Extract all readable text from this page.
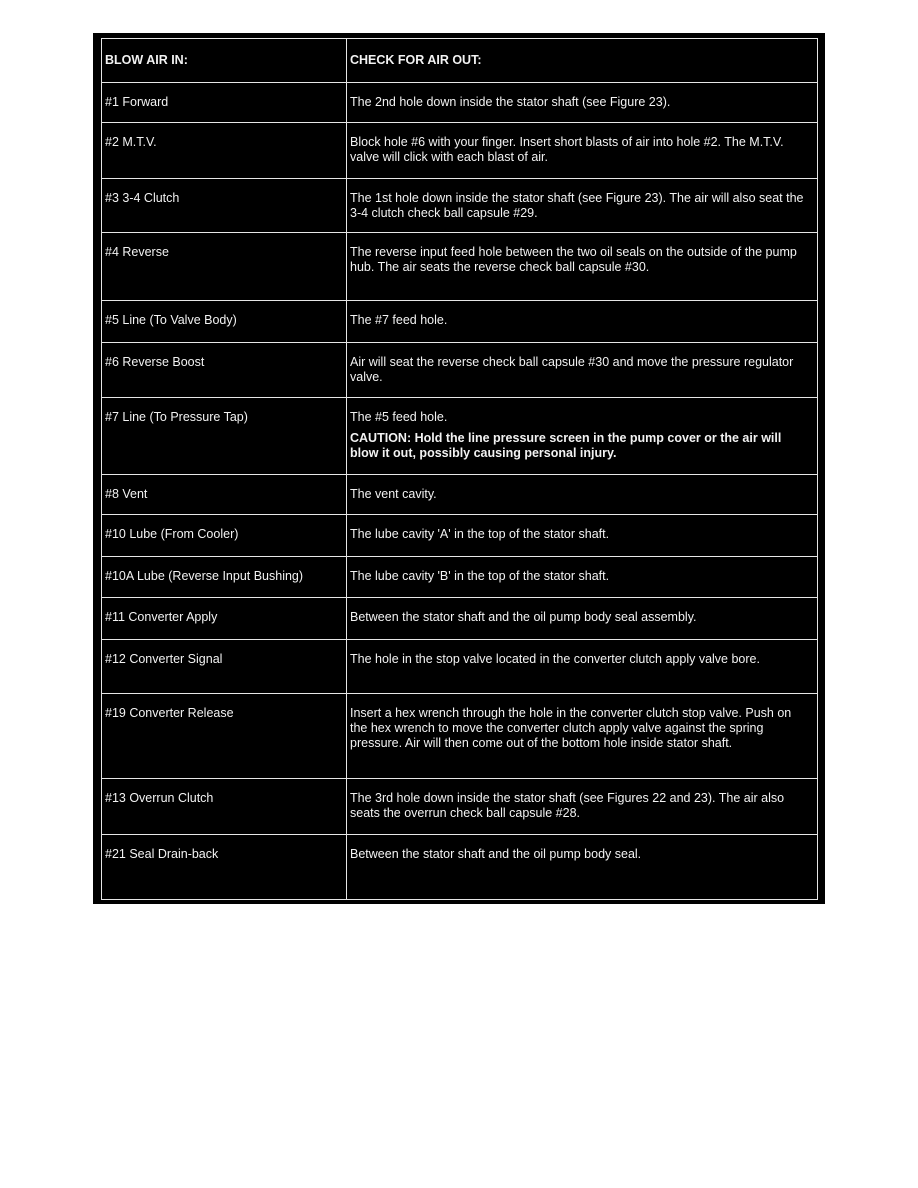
BLOW AIR IN:	CHECK FOR AIR OUT:
#1 Forward	The 2nd hole down inside the stator shaft (see Figure 23).
#2 M.T.V.	Block hole #6 with your finger. Insert short blasts of air into hole #2. The M.T.V. valve will click with each blast of air.
#3 3-4 Clutch	The 1st hole down inside the stator shaft (see Figure 23). The air will also seat the 3-4 clutch check ball capsule #29.
#4 Reverse	The reverse input feed hole between the two oil seals on the outside of the pump hub. The air seats the reverse check ball capsule #30.
#5 Line (To Valve Body)	The #7 feed hole.
#6 Reverse Boost	Air will seat the reverse check ball capsule #30 and move the pressure regulator valve.
#7 Line (To Pressure Tap)	The #5 feed hole.
CAUTION: Hold the line pressure screen in the pump cover or the air will blow it out, possibly causing personal injury.

#8 Vent	The vent cavity.
#10 Lube (From Cooler)	The lube cavity 'A' in the top of the stator shaft.
#10A Lube (Reverse Input Bushing)	The lube cavity 'B' in the top of the stator shaft.
#11 Converter Apply	Between the stator shaft and the oil pump body seal assembly.
#12 Converter Signal	The hole in the stop valve located in the converter clutch apply valve bore.
#19 Converter Release	Insert a hex wrench through the hole in the converter clutch stop valve. Push on the hex wrench to move the converter clutch apply valve against the spring pressure. Air will then come out of the bottom hole inside stator shaft.
#13 Overrun Clutch	The 3rd hole down inside the stator shaft (see Figures 22 and 23). The air also seats the overrun check ball capsule #28.
#21 Seal Drain-back	Between the stator shaft and the oil pump body seal.
